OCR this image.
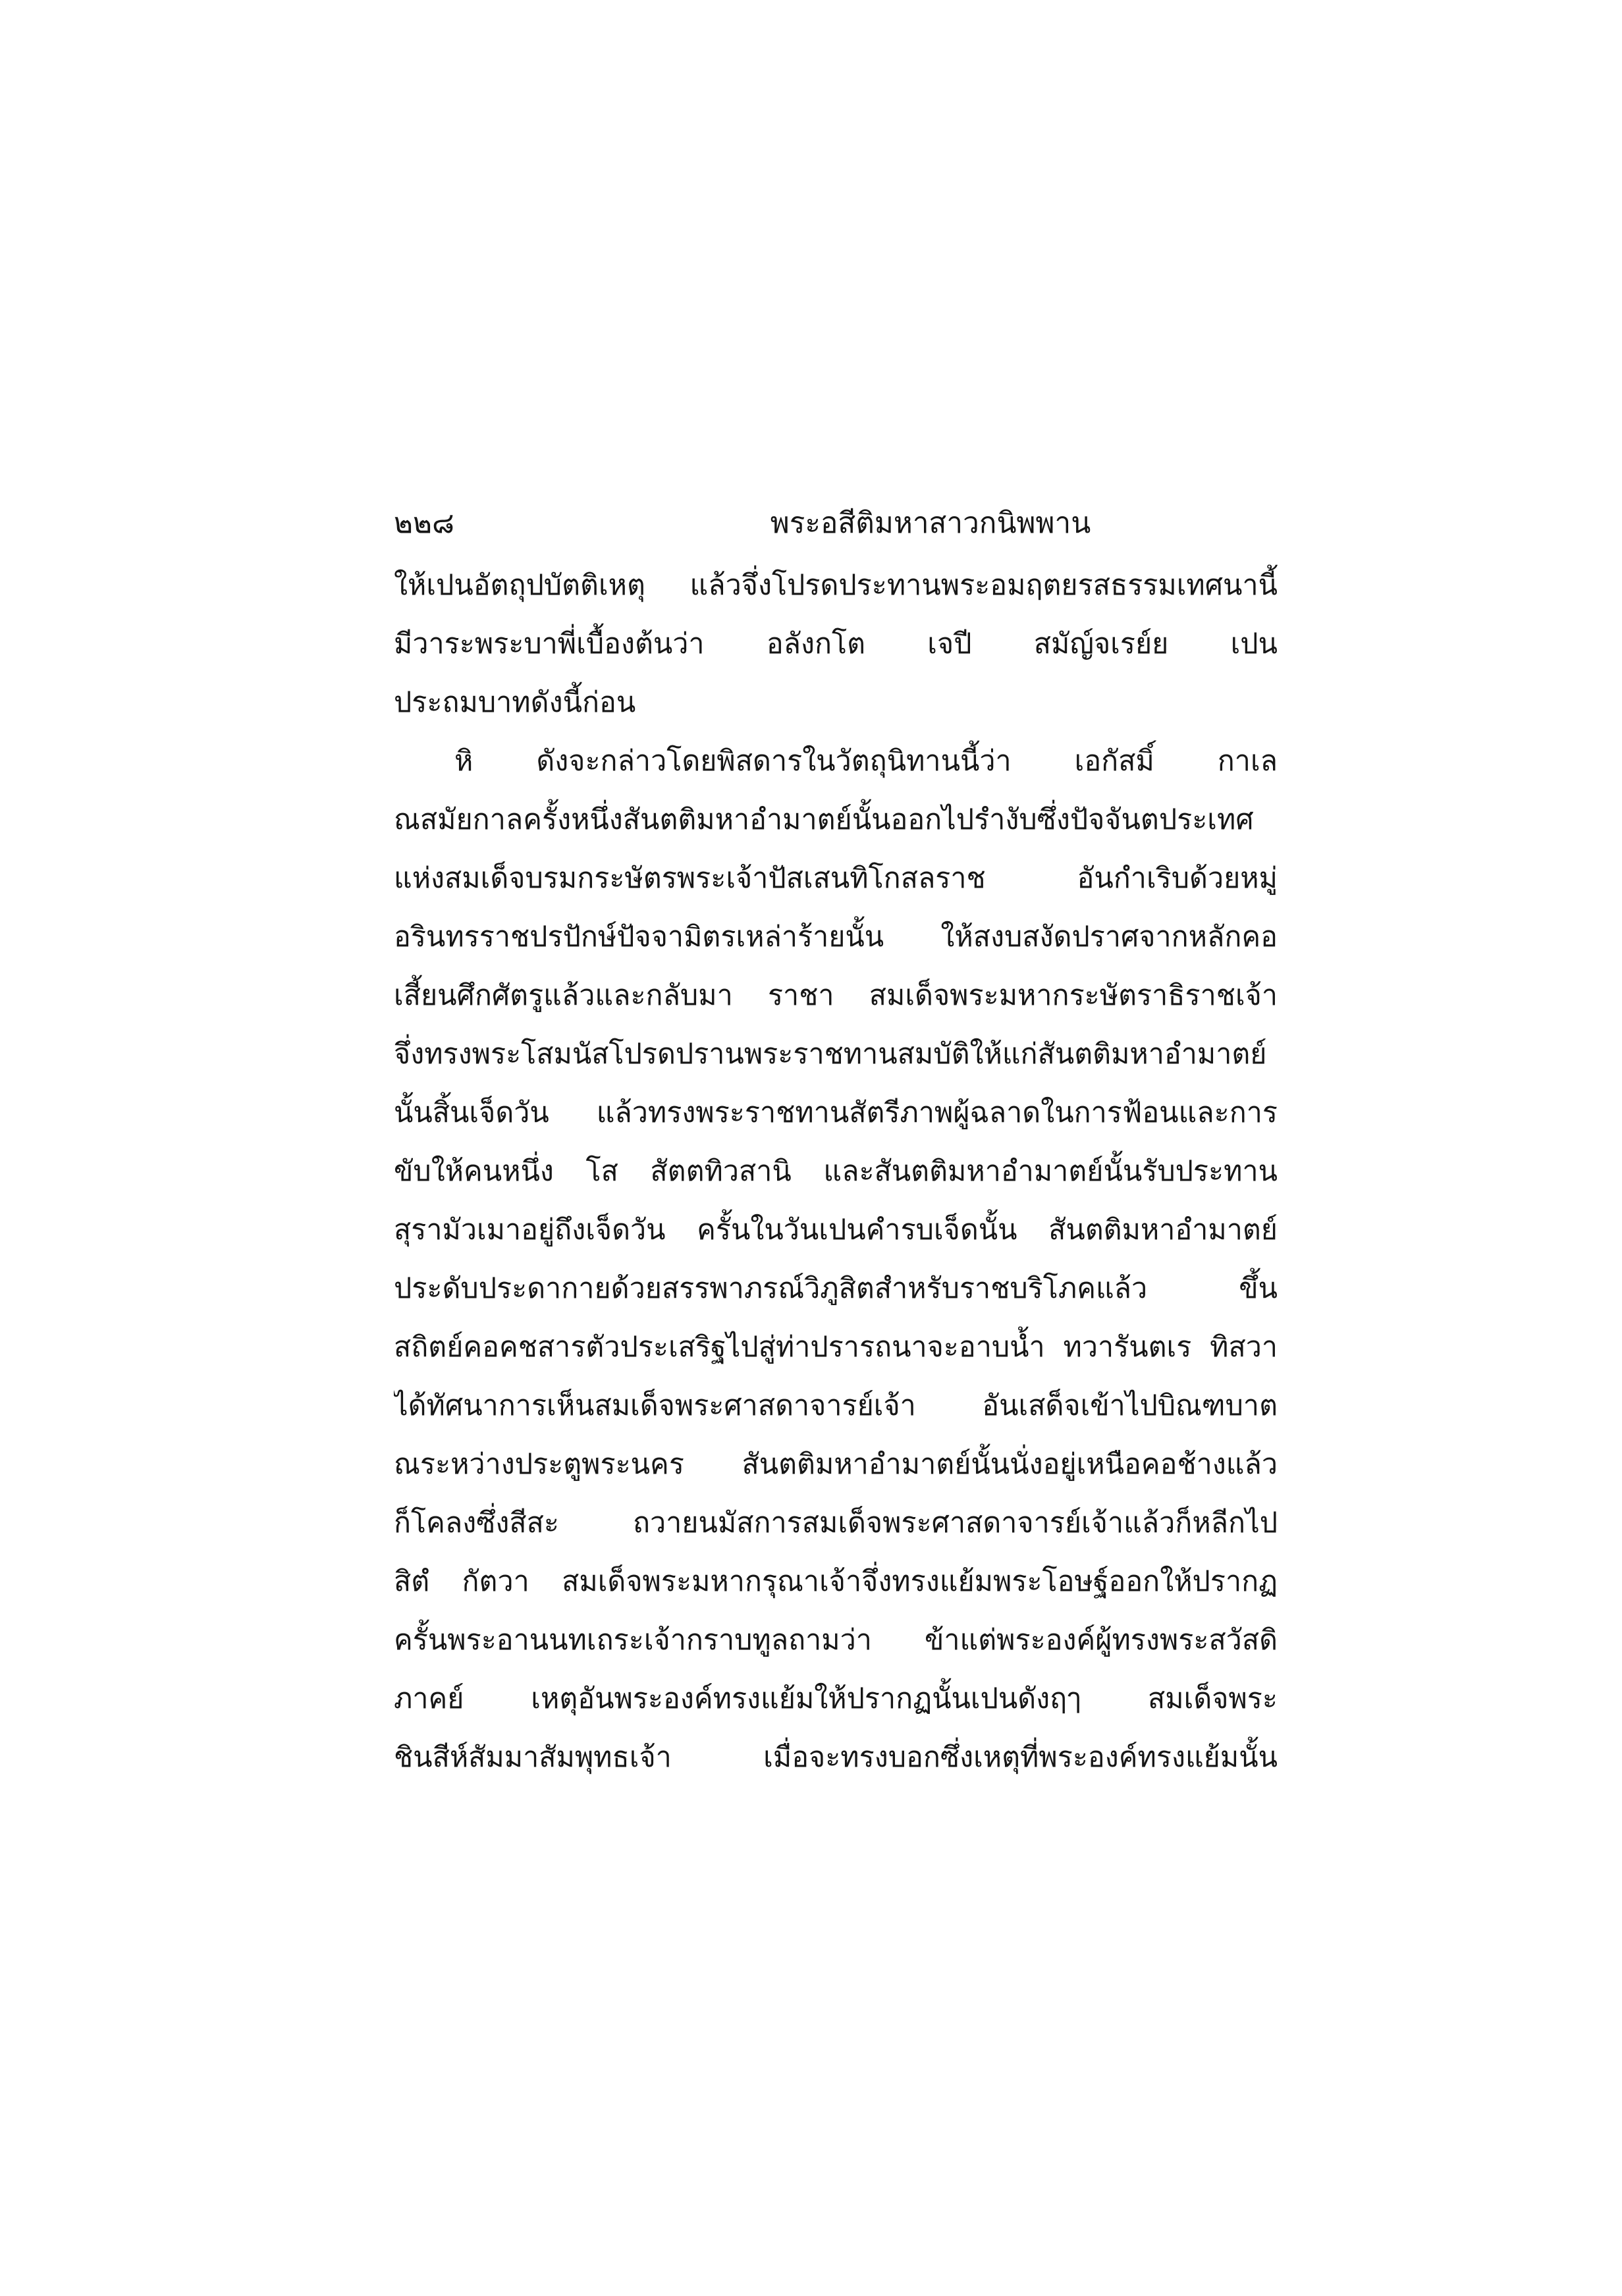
๒๒๘	พระอสีติมหาสาวกนิพพาน
ให้เปนอัตถุปบัตติเหตุ แล้วจึ่งโปรดประทานพระอมฤตยรสธรรมเทศนานี้
มีวาระพระบาพี่เบื้องต้นว่า อลังกโต เจปี สมัญ์จเรย์ย เปน
ประถมบาทดังนี้ก่อน
หิ ดังจะกล่าวโดยพิสดารในวัตถุนิทานนี้ว่า เอกัสมิ์ กาเล
ณสมัยกาลครั้งหนึ่งสันตติมหาอำมาตย์นั้นออกไปรำงับซึ่งปัจจันตประเทศ
แห่งสมเด็จบรมกระษัตรพระเจ้าปัสเสนทิโกสลราช อันกำเริบด้วยหมู่
อรินทรราชปรปักษ์ปัจจามิตรเหล่าร้ายนั้น ให้สงบสงัดปราศจากหลักคอ
เสี้ยนศึกศัตรูแล้วและกลับมา ราชา สมเด็จพระมหากระษัตราธิราชเจ้า
จึ่งทรงพระโสมนัสโปรดปรานพระราชทานสมบัติให้แก่สันตติมหาอำมาตย์
นั้นสิ้นเจ็ดวัน แล้วทรงพระราชทานสัตรีภาพผู้ฉลาดในการฟ้อนและการ
ขับให้คนหนึ่ง โส สัตตทิวสานิ และสันตติมหาอำมาตย์นั้นรับประทาน
สุรามัวเมาอยู่ถึงเจ็ดวัน ครั้นในวันเปนคำรบเจ็ดนั้น สันตติมหาอำมาตย์
ประดับประดากายด้วยสรรพาภรณ์วิภูสิตสำหรับราชบริโภคแล้ว ขึ้น
สถิตย์คอคชสารตัวประเสริฐไปสู่ท่าปรารถนาจะอาบน้ำ ทวารันตเร ทิสวา
ได้ทัศนาการเห็นสมเด็จพระศาสดาจารย์เจ้า อันเสด็จเข้าไปบิณฑบาต
ณระหว่างประตูพระนคร สันตติมหาอำมาตย์นั้นนั่งอยู่เหนือคอช้างแล้ว
ก็โคลงซึ่งสีสะ ถวายนมัสการสมเด็จพระศาสดาจารย์เจ้าแล้วก็หลีกไป
สิตํ กัตวา สมเด็จพระมหากรุณาเจ้าจึ่งทรงแย้มพระโอษฐ์ออกให้ปรากฏ
ครั้นพระอานนทเถระเจ้ากราบทูลถามว่า ข้าแต่พระองค์ผู้ทรงพระสวัสดิ
ภาคย์ เหตุอันพระองค์ทรงแย้มให้ปรากฏนั้นเปนดังฤๅ สมเด็จพระ
ชินสีห์สัมมาสัมพุทธเจ้า เมื่อจะทรงบอกซึ่งเหตุที่พระองค์ทรงแย้มนั้น
